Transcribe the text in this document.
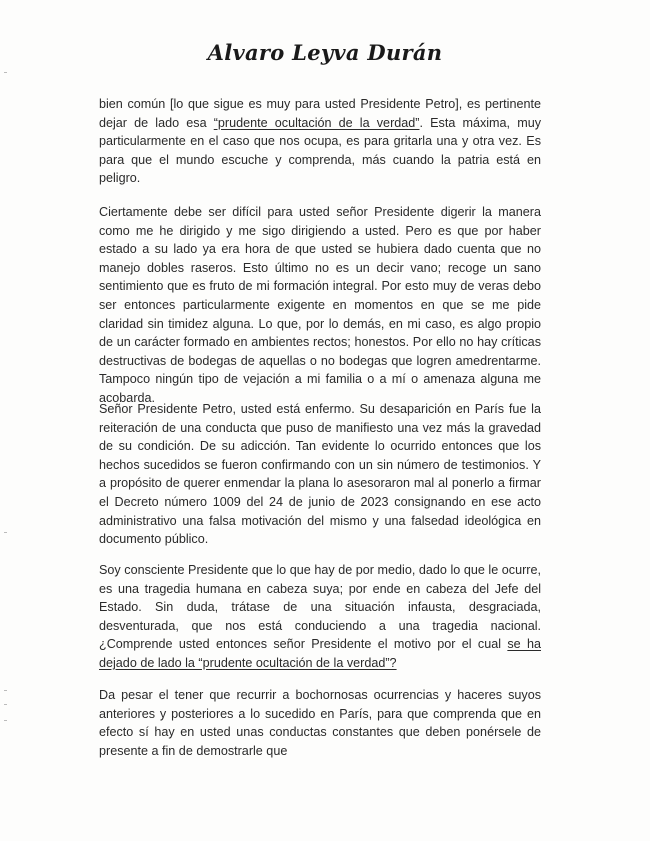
Alvaro Leyva Durán
bien común [lo que sigue es muy para usted Presidente Petro], es pertinente dejar de lado esa “prudente ocultación de la verdad”. Esta máxima, muy particularmente en el caso que nos ocupa, es para gritarla una y otra vez. Es para que el mundo escuche y comprenda, más cuando la patria está en peligro.
Ciertamente debe ser difícil para usted señor Presidente digerir la manera como me he dirigido y me sigo dirigiendo a usted. Pero es que por haber estado a su lado ya era hora de que usted se hubiera dado cuenta que no manejo dobles raseros. Esto último no es un decir vano; recoge un sano sentimiento que es fruto de mi formación integral. Por esto muy de veras debo ser entonces particularmente exigente en momentos en que se me pide claridad sin timidez alguna. Lo que, por lo demás, en mi caso, es algo propio de un carácter formado en ambientes rectos; honestos. Por ello no hay críticas destructivas de bodegas de aquellas o no bodegas que logren amedrentarme. Tampoco ningún tipo de vejación a mi familia o a mí o amenaza alguna me acobarda.
Señor Presidente Petro, usted está enfermo. Su desaparición en París fue la reiteración de una conducta que puso de manifiesto una vez más la gravedad de su condición. De su adicción. Tan evidente lo ocurrido entonces que los hechos sucedidos se fueron confirmando con un sin número de testimonios. Y a propósito de querer enmendar la plana lo asesoraron mal al ponerlo a firmar el Decreto número 1009 del 24 de junio de 2023 consignando en ese acto administrativo una falsa motivación del mismo y una falsedad ideológica en documento público.
Soy consciente Presidente que lo que hay de por medio, dado lo que le ocurre, es una tragedia humana en cabeza suya; por ende en cabeza del Jefe del Estado. Sin duda, trátase de una situación infausta, desgraciada, desventurada, que nos está conduciendo a una tragedia nacional. ¿Comprende usted entonces señor Presidente el motivo por el cual se ha dejado de lado la “prudente ocultación de la verdad”?
Da pesar el tener que recurrir a bochornosas ocurrencias y haceres suyos anteriores y posteriores a lo sucedido en París, para que comprenda que en efecto sí hay en usted unas conductas constantes que deben ponérsele de presente a fin de demostrarle que
